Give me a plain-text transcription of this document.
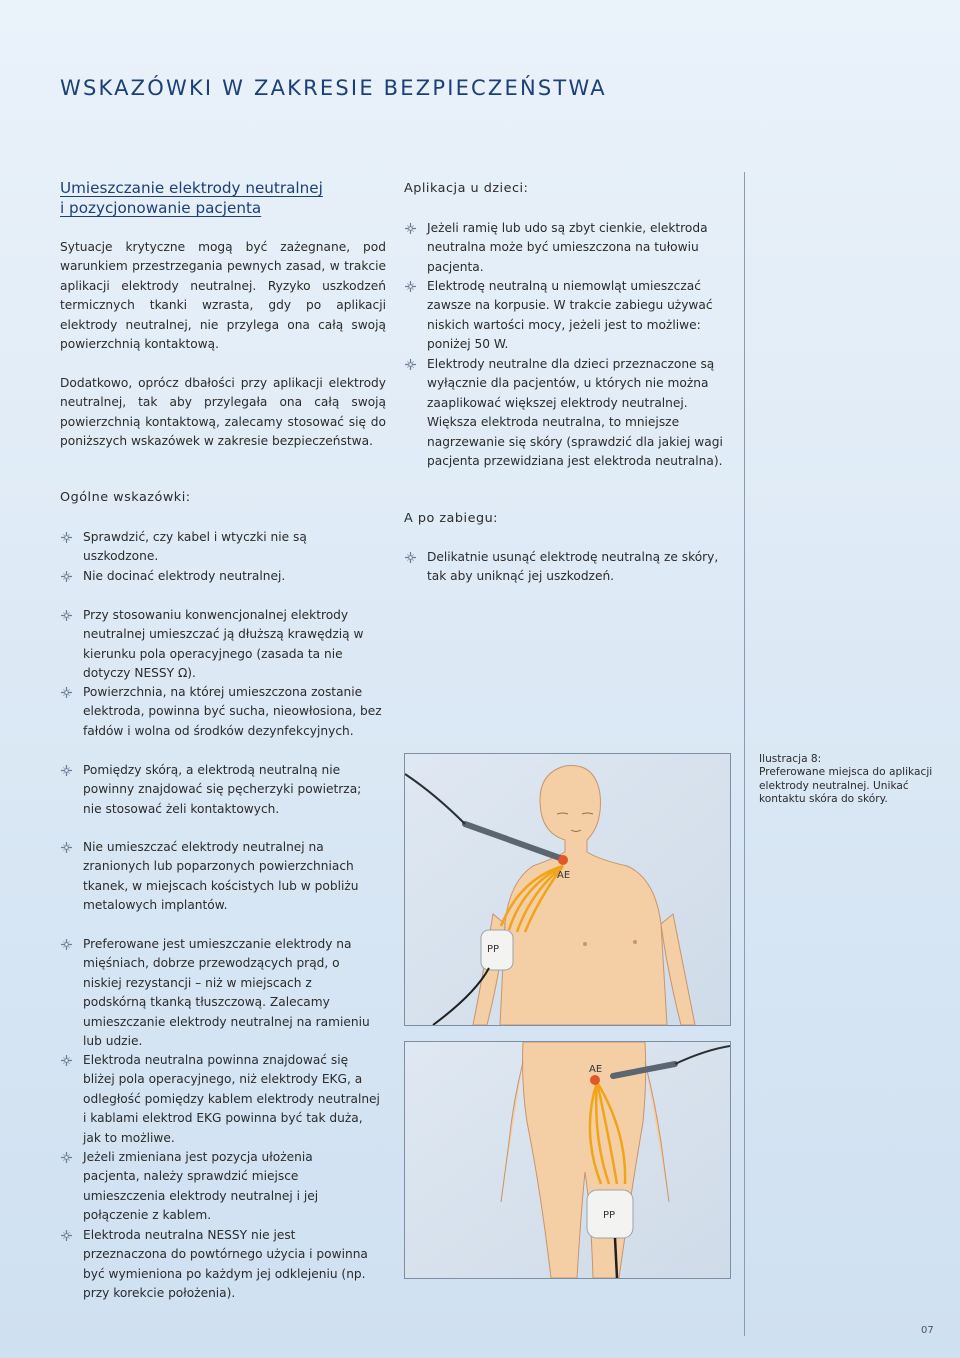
WSKAZÓWKI W ZAKRESIE BEZPIECZEŃSTWA
Umieszczanie elektrody neutralnej
i pozycjonowanie pacjenta
Sytuacje krytyczne mogą być zażegnane, pod warunkiem przestrzegania pewnych zasad, w trakcie aplikacji elektrody neutralnej. Ryzyko uszkodzeń termicznych tkanki wzrasta, gdy po aplikacji elektrody neutralnej, nie przylega ona całą swoją powierzchnią kontaktową.
Dodatkowo, oprócz dbałości przy aplikacji elektrody neutralnej, tak aby przylegała ona całą swoją powierzchnią kontaktową, zalecamy stosować się do poniższych wskazówek w zakresie bezpieczeństwa.
Ogólne wskazówki:
Sprawdzić, czy kabel i wtyczki nie są uszkodzone.
Nie docinać elektrody neutralnej.
Przy stosowaniu konwencjonalnej elektrody neutralnej umieszczać ją dłuższą krawędzią w kierunku pola operacyjnego (zasada ta nie dotyczy NESSY Ω).
Powierzchnia, na której umieszczona zostanie elektroda, powinna być sucha, nieowłosiona, bez fałdów i wolna od środków dezynfekcyjnych.
Pomiędzy skórą, a elektrodą neutralną nie powinny znajdować się pęcherzyki powietrza; nie stosować żeli kontaktowych.
Nie umieszczać elektrody neutralnej na zranionych lub poparzonych powierzchniach tkanek, w miejscach kościstych lub w pobliżu metalowych implantów.
Preferowane jest umieszczanie elektrody na mięśniach, dobrze przewodzących prąd, o niskiej rezystancji – niż w miejscach z podskórną tkanką tłuszczową. Zalecamy umieszczanie elektrody neutralnej na ramieniu lub udzie.
Elektroda neutralna powinna znajdować się bliżej pola operacyjnego, niż elektrody EKG, a odległość pomiędzy kablem elektrody neutralnej i kablami elektrod EKG powinna być tak duża, jak to możliwe.
Jeżeli zmieniana jest pozycja ułożenia pacjenta, należy sprawdzić miejsce umieszczenia elektrody neutralnej i jej połączenie z kablem.
Elektroda neutralna NESSY nie jest przeznaczona do powtórnego użycia i powinna być wymieniona po każdym jej odklejeniu (np. przy korekcie położenia).
Aplikacja u dzieci:
Jeżeli ramię lub udo są zbyt cienkie, elektroda neutralna może być umieszczona na tułowiu pacjenta.
Elektrodę neutralną u niemowląt umieszczać zawsze na korpusie. W trakcie zabiegu używać niskich wartości mocy, jeżeli jest to możliwe: poniżej 50 W.
Elektrody neutralne dla dzieci przeznaczone są wyłącznie dla pacjentów, u których nie można zaaplikować większej elektrody neutralnej. Większa elektroda neutralna, to mniejsze nagrzewanie się skóry (sprawdzić dla jakiej wagi pacjenta przewidziana jest elektroda neutralna).
A po zabiegu:
Delikatnie usunąć elektrodę neutralną ze skóry, tak aby uniknąć jej uszkodzeń.
AE
PP
AE
PP
Ilustracja 8:
Preferowane miejsca do aplikacji elektrody neutralnej. Unikać kontaktu skóra do skóry.
07
